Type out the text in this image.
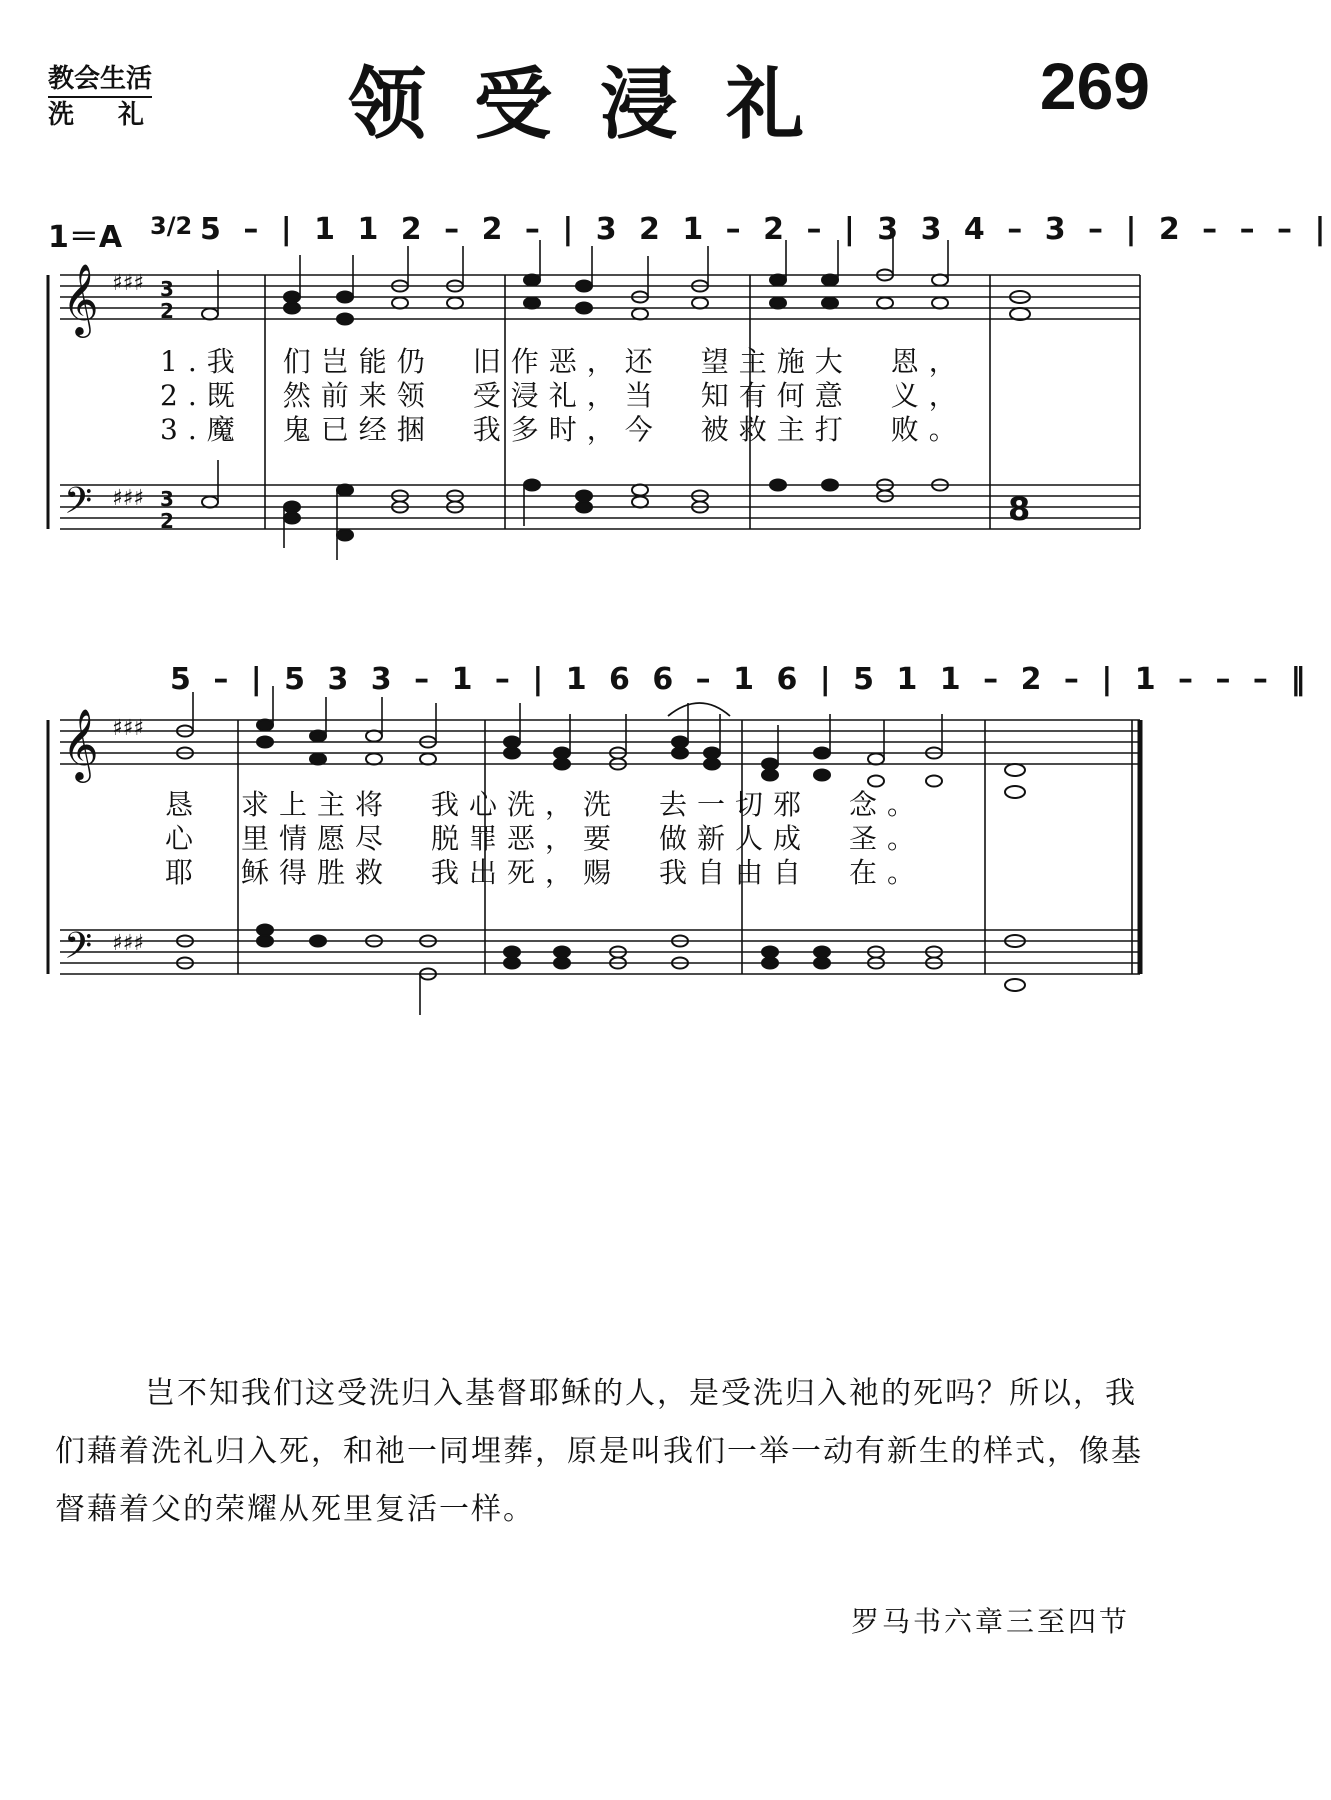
教会生活
洗礼	领受浸礼	269
1＝A 3/2 5 – | 1 1 2 – 2 – | 3 2 1 – 2 – | 3 3 4 – 3 – | 2 – – – |
𝄞
𝄢
𝄞
𝄢
♯♯♯
♯♯♯
♯♯♯
♯♯♯
3
2
3
2	8
1.我　们岂能仍　旧作恶，还　望主施大　恩，
2.既　然前来领　受浸礼，当　知有何意　义，
3.魔　鬼已经捆　我多时，今　被救主打　败。
5 – | 5 3 3 – 1 – | 1 6 6 – 1 6 | 5 1 1 – 2 – | 1 – – – ‖
恳　求上主将　我心洗，洗　去一切邪　念。
心　里情愿尽　脱罪恶，要　做新人成　圣。
耶　稣得胜救　我出死，赐　我自由自　在。
岂不知我们这受洗归入基督耶稣的人，是受洗归入祂的死吗？所以，我们藉着洗礼归入死，和祂一同埋葬，原是叫我们一举一动有新生的样式，像基督藉着父的荣耀从死里复活一样。
罗马书六章三至四节
